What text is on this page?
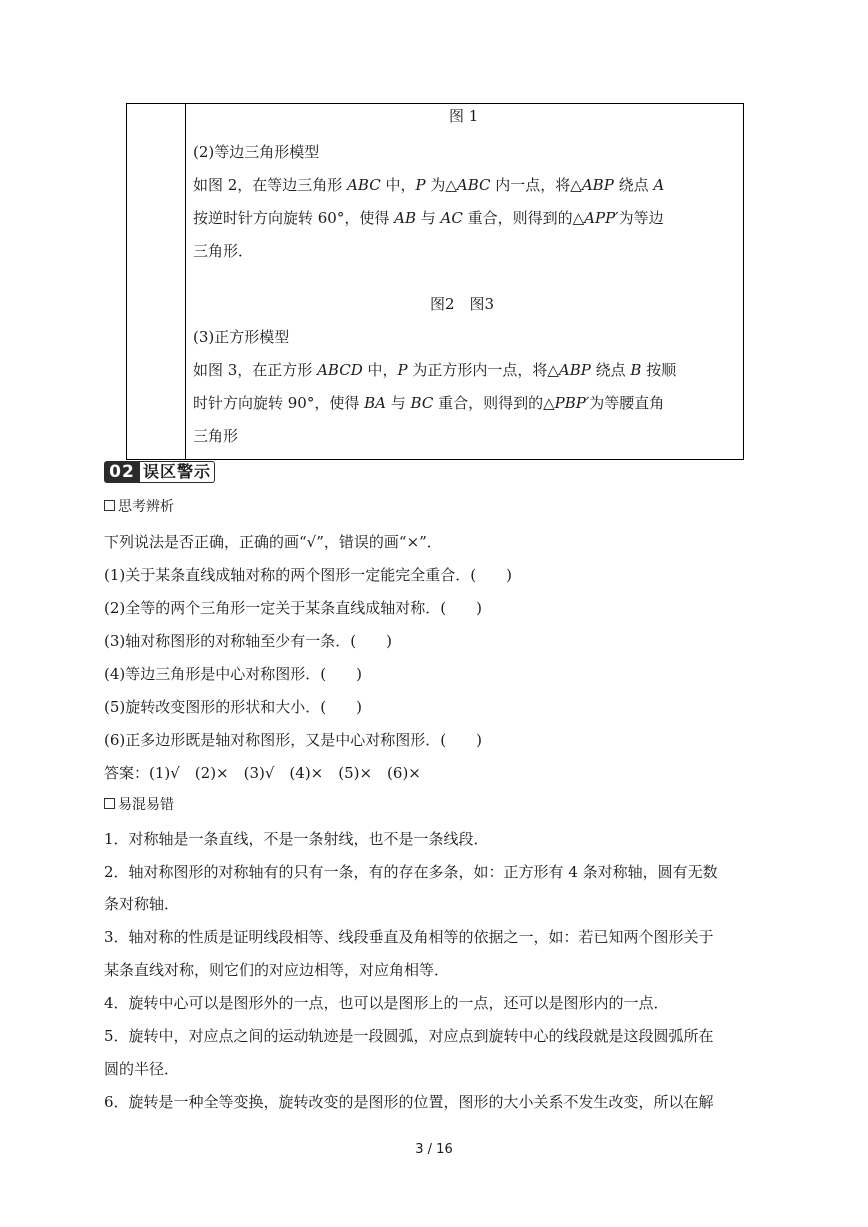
图 1
(2)等边三角形模型
如图 2，在等边三角形 ABC 中，P 为△ABC 内一点，将△ABP 绕点 A
按逆时针方向旋转 60°，使得 AB 与 AC 重合，则得到的△APP′为等边
三角形．
图2　图3
(3)正方形模型
如图 3，在正方形 ABCD 中，P 为正方形内一点，将△ABP 绕点 B 按顺
时针方向旋转 90°，使得 BA 与 BC 重合，则得到的△PBP′为等腰直角
三角形
02 误区警示
思考辨析
下列说法是否正确，正确的画“√”，错误的画“×”．
(1)关于某条直线成轴对称的两个图形一定能完全重合．(　　)
(2)全等的两个三角形一定关于某条直线成轴对称．(　　)
(3)轴对称图形的对称轴至少有一条．(　　)
(4)等边三角形是中心对称图形．(　　)
(5)旋转改变图形的形状和大小．(　　)
(6)正多边形既是轴对称图形，又是中心对称图形．(　　)
答案：(1)√　(2)×　(3)√　(4)×　(5)×　(6)×
易混易错
1．对称轴是一条直线，不是一条射线，也不是一条线段．
2．轴对称图形的对称轴有的只有一条，有的存在多条，如：正方形有 4 条对称轴，圆有无数
条对称轴．
3．轴对称的性质是证明线段相等、线段垂直及角相等的依据之一，如：若已知两个图形关于
某条直线对称，则它们的对应边相等，对应角相等．
4．旋转中心可以是图形外的一点，也可以是图形上的一点，还可以是图形内的一点．
5．旋转中，对应点之间的运动轨迹是一段圆弧，对应点到旋转中心的线段就是这段圆弧所在
圆的半径．
6．旋转是一种全等变换，旋转改变的是图形的位置，图形的大小关系不发生改变，所以在解
3 / 16
